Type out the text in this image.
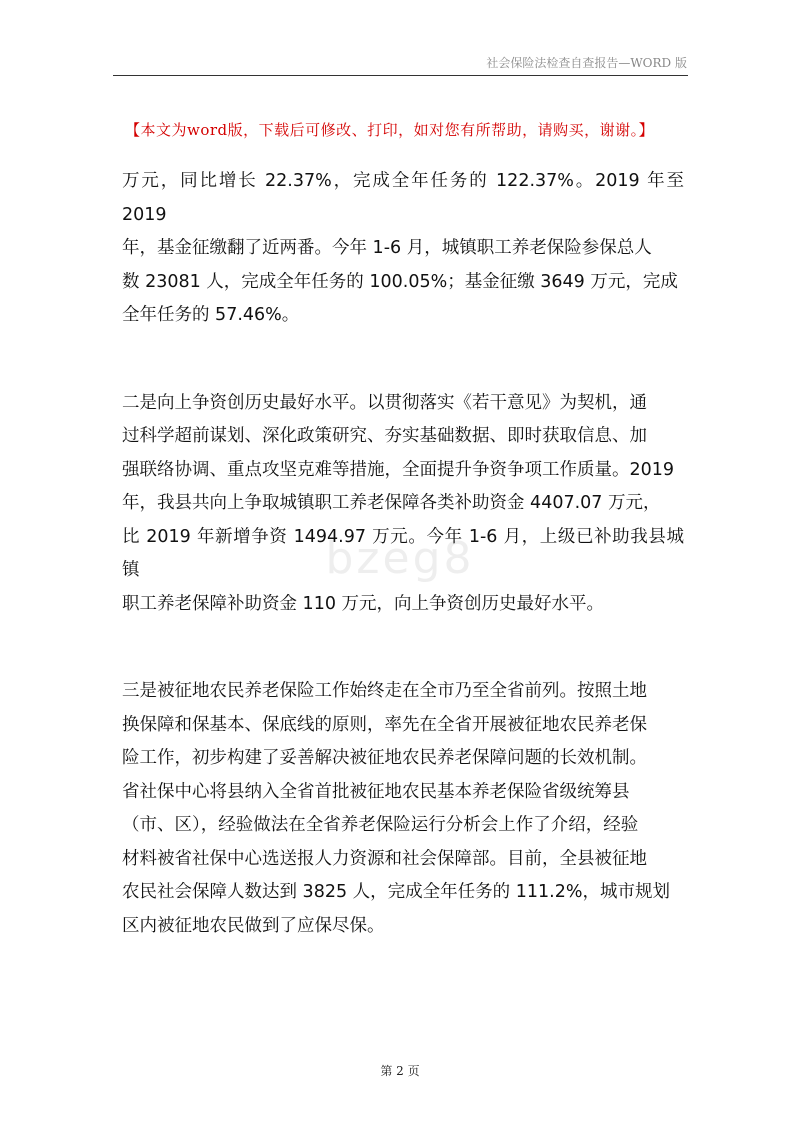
社会保险法检查自查报告—WORD 版
【本文为word版，下载后可修改、打印，如对您有所帮助，请购买，谢谢。】
bzeg8

万元，同比增长 22.37%，完成全年任务的 122.37%。2019 年至 2019
年，基金征缴翻了近两番。今年 1-6 月，城镇职工养老保险参保总人
数 23081 人，完成全年任务的 100.05%；基金征缴 3649 万元，完成
全年任务的 57.46%。

二是向上争资创历史最好水平。以贯彻落实《若干意见》为契机，通
过科学超前谋划、深化政策研究、夯实基础数据、即时获取信息、加
强联络协调、重点攻坚克难等措施，全面提升争资争项工作质量。2019
年，我县共向上争取城镇职工养老保障各类补助资金 4407.07 万元，
比 2019 年新增争资 1494.97 万元。今年 1-6 月，上级已补助我县城镇
职工养老保障补助资金 110 万元，向上争资创历史最好水平。

三是被征地农民养老保险工作始终走在全市乃至全省前列。按照土地
换保障和保基本、保底线的原则，率先在全省开展被征地农民养老保
险工作，初步构建了妥善解决被征地农民养老保障问题的长效机制。
省社保中心将县纳入全省首批被征地农民基本养老保险省级统筹县
（市、区），经验做法在全省养老保险运行分析会上作了介绍，经验
材料被省社保中心选送报人力资源和社会保障部。目前，全县被征地
农民社会保障人数达到 3825 人，完成全年任务的 111.2%，城市规划
区内被征地农民做到了应保尽保。

第 2 页
